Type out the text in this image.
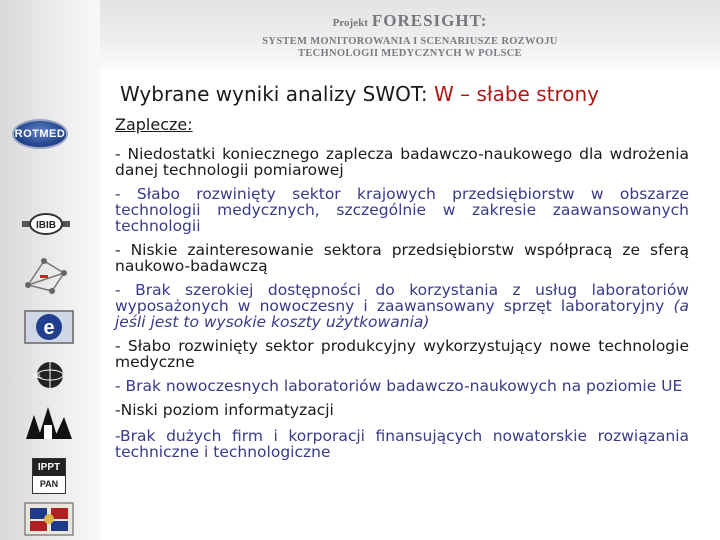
Projekt FORESIGHT:
SYSTEM MONITOROWANIA I SCENARIUSZE ROZWOJU
TECHNOLOGII MEDYCZNYCH W POLSCE
ROTMED
IBIB
e
INL
IPPT
PAN
Wybrane wyniki analizy SWOT: W – słabe strony
Zaplecze:
- Niedostatki koniecznego zaplecza badawczo-naukowego dla wdrożenia danej technologii pomiarowej
- Słabo rozwinięty sektor krajowych przedsiębiorstw w obszarze technologii medycznych, szczególnie w zakresie zaawansowanych technologii
- Niskie zainteresowanie sektora przedsiębiorstw współpracą ze sferą naukowo-badawczą
- Brak szerokiej dostępności do korzystania z usług laboratoriów wyposażonych w nowoczesny i zaawansowany sprzęt laboratoryjny (a jeśli jest to wysokie koszty użytkowania)
- Słabo rozwinięty sektor produkcyjny wykorzystujący nowe technologie medyczne
- Brak nowoczesnych laboratoriów badawczo-naukowych na poziomie UE
-Niski poziom informatyzacji
-Brak dużych firm i korporacji finansujących nowatorskie rozwiązania techniczne i technologiczne
